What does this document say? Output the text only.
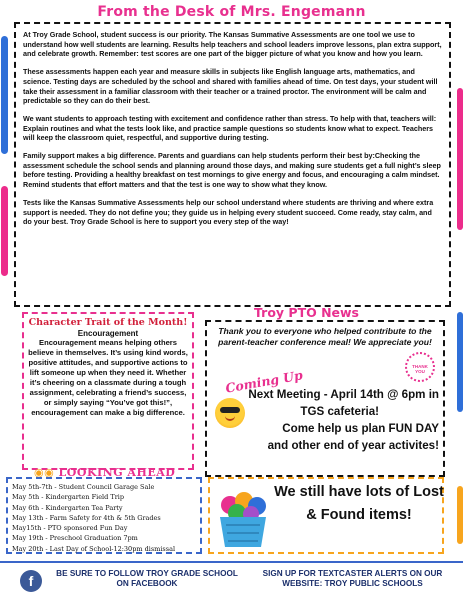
From the Desk of Mrs. Engemann

At Troy Grade School, student success is our priority. The Kansas Summative Assessments are one tool we use to understand how well students are learning. Results help teachers and school leaders improve lessons, plan extra support, and celebrate growth. Remember: test scores are one part of the bigger picture of what you know and how you learn.

These assessments happen each year and measure skills in subjects like English language arts, mathematics, and science. Testing days are scheduled by the school and shared with families ahead of time. On test days, your student will take their assessment in a familiar classroom with their teacher or a trained proctor. The environment will be calm and predictable so they can do their best.

We want students to approach testing with excitement and confidence rather than stress. To help with that, teachers will: Explain routines and what the tests look like, and practice sample questions so students know what to expect. Teachers will keep the classroom quiet, respectful, and supportive during testing.

Family support makes a big difference. Parents and guardians can help students perform their best by:Checking the assessment schedule the school sends and planning around those days, and making sure students get a full night’s sleep before testing. Providing a healthy breakfast on test mornings to give energy and focus, and encouraging a calm mindset. Remind students that effort matters and that the test is one way to show what they know.

Tests like the Kansas Summative Assessments help our school understand where students are thriving and where extra support is needed. They do not define you; they guide us in helping every student succeed. Come ready, stay calm, and do your best. Troy Grade School is here to support you every step of the way!

Character Trait of the Month!
Encouragement
Encouragement means helping others believe in themselves. It’s using kind words, positive attitudes, and supportive actions to lift someone up when they need it. Whether it’s cheering on a classmate during a tough assignment, celebrating a friend’s success, or simply saying “You’ve got this!”, encouragement can make a big difference.
Troy PTO News
Thank you to everyone who helped contribute to the parent-teacher conference meal! We appreciate you!
THANK YOU
Coming Up
Next Meeting - April 14th @ 6pm in
TGS cafeteria!
Come help us plan FUN DAY
and other end of year activites!
◉◉ LOOKING AHEAD
May 5th-7th - Student Council Garage Sale
May 5th - Kindergarten Field Trip
May 6th - Kindergarten Tea Party
May 13th - Farm Safety for 4th & 5th Grades
May15th - PTO sponsored Fun Day
May 19th - Preschool Graduation 7pm
May 20th - Last Day of School-12:30pm dismissal
We still have lots of Lost & Found items!
f	BE SURE TO FOLLOW TROY GRADE SCHOOL ON FACEBOOK
SIGN UP FOR TEXTCASTER ALERTS ON OUR WEBSITE: TROY PUBLIC SCHOOLS
